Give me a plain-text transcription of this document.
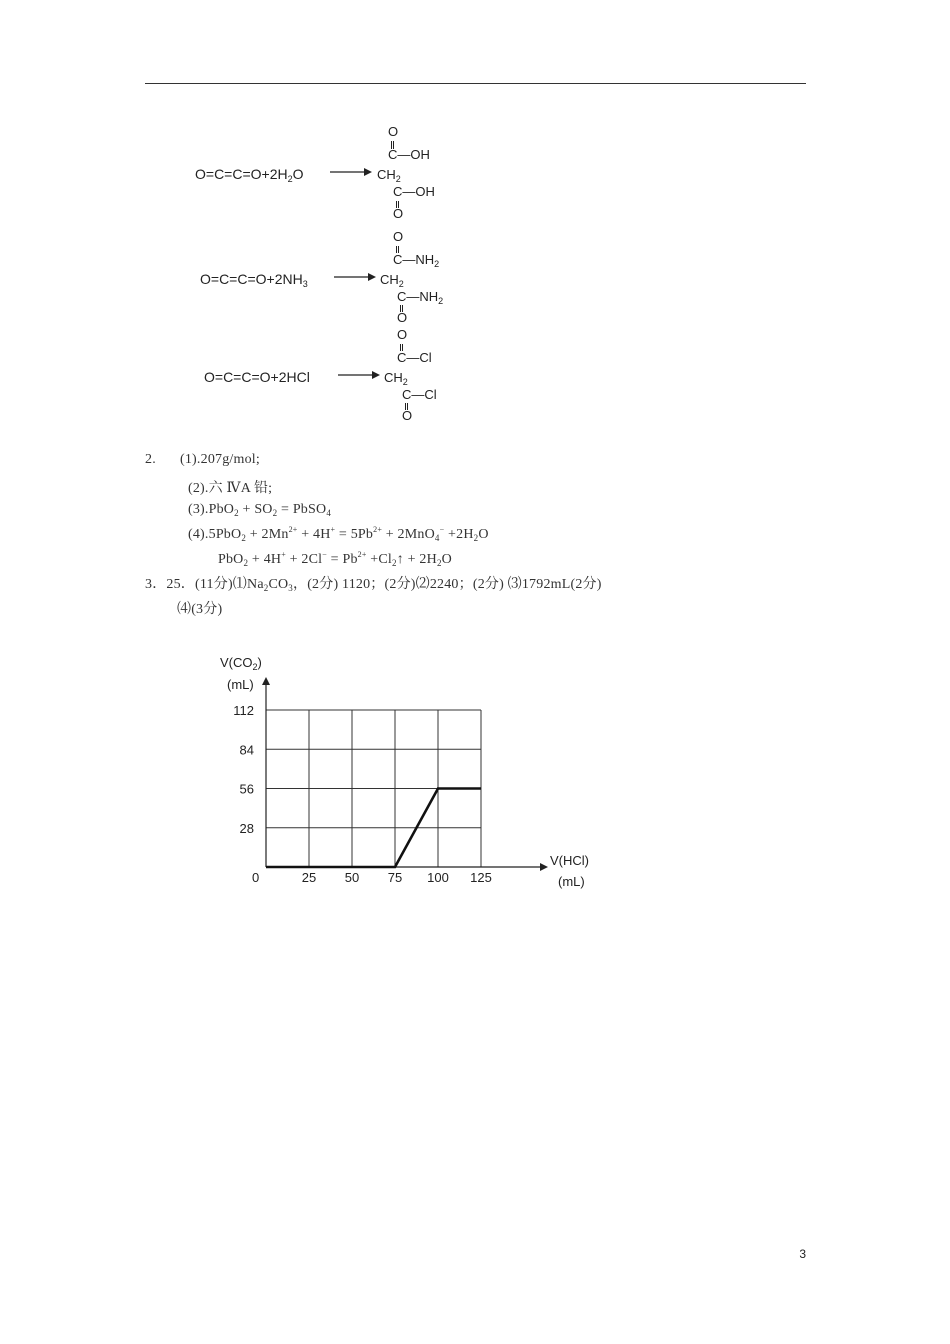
$O=C=C=O+2H_2O$
O
C—OH
$CH_2$
C—OH
O
$O=C=C=O+2NH_3$
O
$C—NH_2$
$CH_2$
$C—NH_2$
O
O=C=C=O+2HCl
O
C—Cl
$CH_2$
C—Cl
O
2. (1).207g/mol;
(2).六 ⅣA 铅;
$(3).PbO_2 + SO_2$ = PbSO$_4$
$(4).5PbO_2 + 2Mn^{2+} + 4H^+ = 5Pb^{2+} + 2MnO_4^- +2H_2O$
$PbO_2 + 4H^+ + 2Cl^- = Pb^{2+}$ $+Cl_2↑ + 2H_2O$
3．25．(11分)$⑴Na_2CO_3$，(2分) 1120；(2分)⑵2240；(2分) ⑶1792mL(2分)
⑷(3分)
$V(CO_2)$
(mL)
V(HCl)
(mL)
0	25 50 75 100 125
28
56
84
112
3
